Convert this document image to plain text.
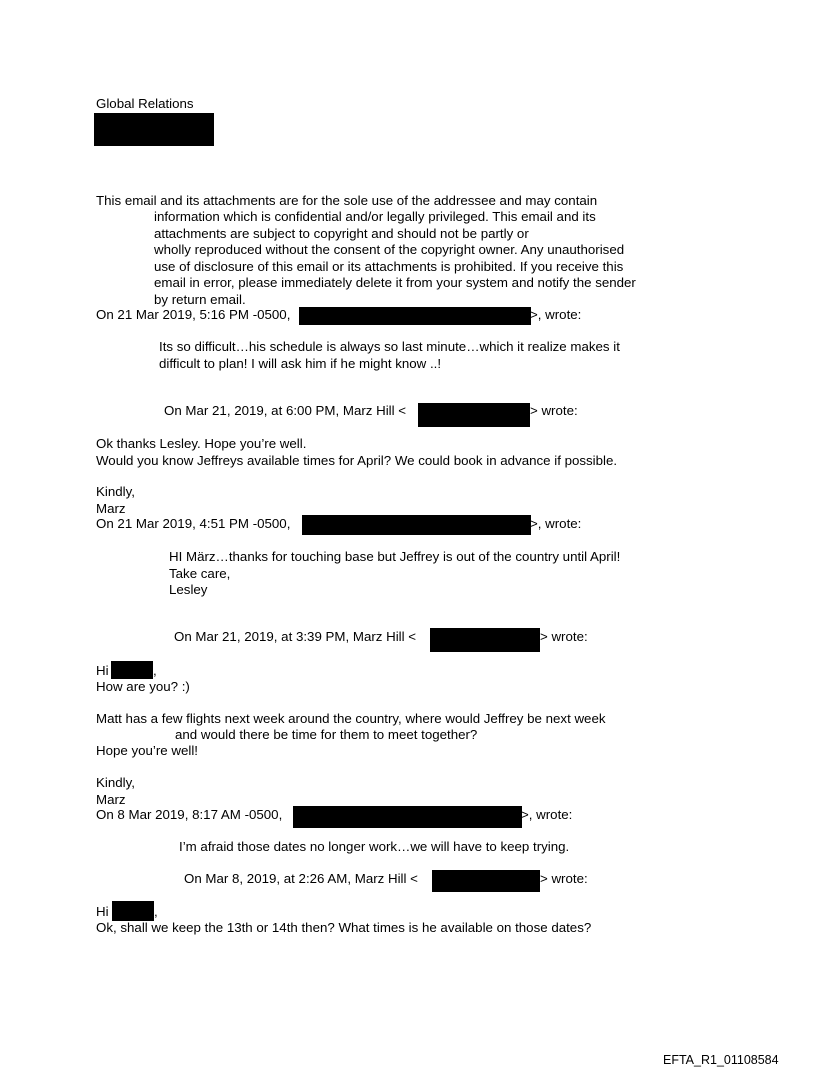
Global Relations
This email and its attachments are for the sole use of the addressee and may contain
information which is confidential and/or legally privileged. This email and its
attachments are subject to copyright and should not be partly or
wholly reproduced without the consent of the copyright owner. Any unauthorised
use of disclosure of this email or its attachments is prohibited. If you receive this
email in error, please immediately delete it from your system and notify the sender
by return email.
On 21 Mar 2019, 5:16 PM -0500,	>, wrote:
Its so difficult…his schedule is always so last minute…which it realize makes it
difficult to plan! I will ask him if he might know ..!
On Mar 21, 2019, at 6:00 PM, Marz Hill <	> wrote:
Ok thanks Lesley. Hope you’re well.
Would you know Jeffreys available times for April? We could book in advance if possible.
Kindly,
Marz
On 21 Mar 2019, 4:51 PM -0500,	>, wrote:
HI März…thanks for touching base but Jeffrey is out of the country until April!
Take care,
Lesley
On Mar 21, 2019, at 3:39 PM, Marz Hill <	> wrote:
Hi	,
How are you? :)
Matt has a few flights next week around the country, where would Jeffrey be next week
and would there be time for them to meet together?
Hope you’re well!
Kindly,
Marz
On 8 Mar 2019, 8:17 AM -0500,	>, wrote:
I’m afraid those dates no longer work…we will have to keep trying.
On Mar 8, 2019, at 2:26 AM, Marz Hill <	> wrote:
Hi	,
Ok, shall we keep the 13th or 14th then? What times is he available on those dates?
EFTA_R1_01108584
